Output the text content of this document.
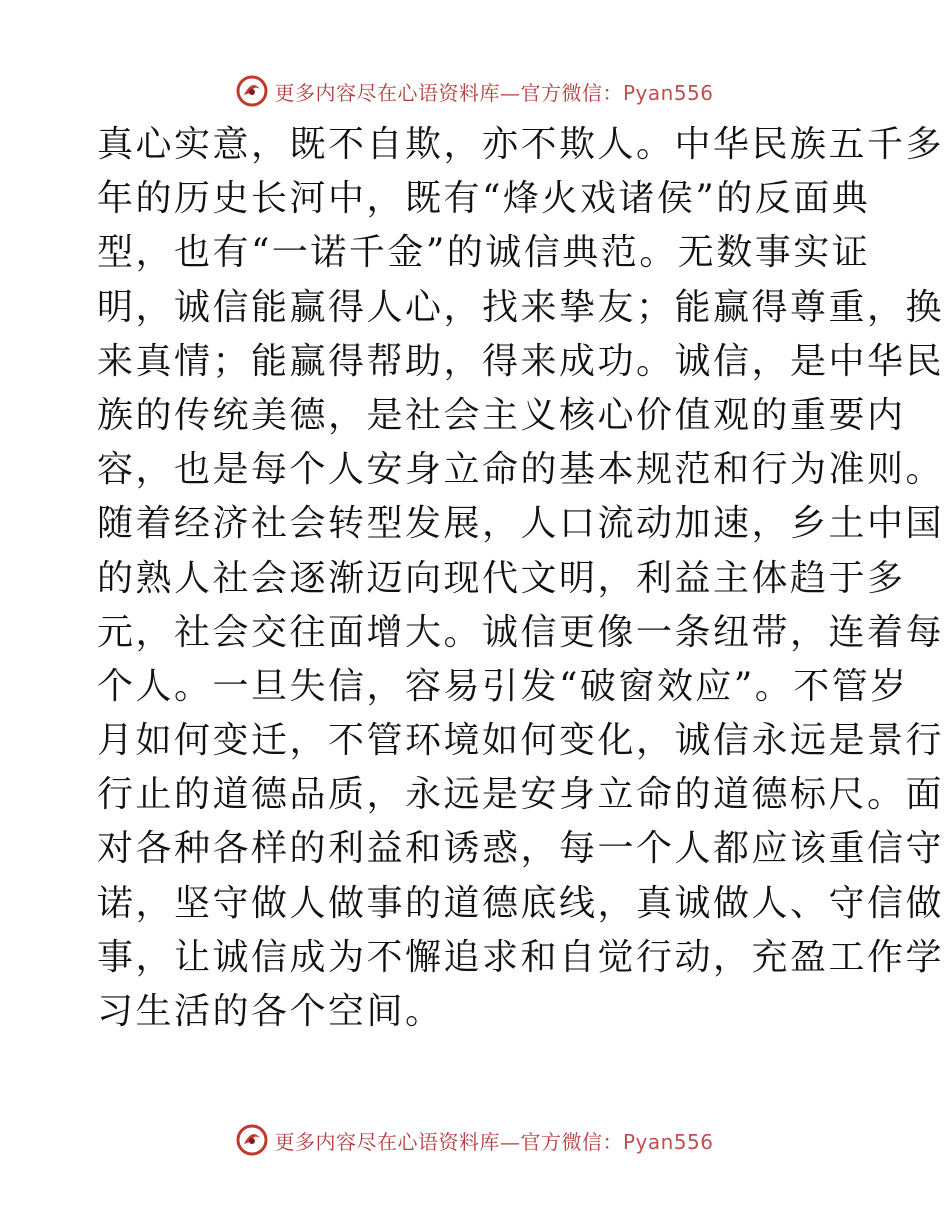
更多内容尽在心语资料库—官方微信：Pyan556
真心实意，既不自欺，亦不欺人。中华民族五千多
年的历史长河中，既有“烽火戏诸侯”的反面典
型，也有“一诺千金”的诚信典范。无数事实证
明，诚信能赢得人心，找来挚友；能赢得尊重，换
来真情；能赢得帮助，得来成功。诚信，是中华民
族的传统美德，是社会主义核心价值观的重要内
容，也是每个人安身立命的基本规范和行为准则。
随着经济社会转型发展，人口流动加速，乡土中国
的熟人社会逐渐迈向现代文明，利益主体趋于多
元，社会交往面增大。诚信更像一条纽带，连着每
个人。一旦失信，容易引发“破窗效应”。不管岁
月如何变迁，不管环境如何变化，诚信永远是景行
行止的道德品质，永远是安身立命的道德标尺。面
对各种各样的利益和诱惑，每一个人都应该重信守
诺，坚守做人做事的道德底线，真诚做人、守信做
事，让诚信成为不懈追求和自觉行动，充盈工作学
习生活的各个空间。
更多内容尽在心语资料库—官方微信：Pyan556
